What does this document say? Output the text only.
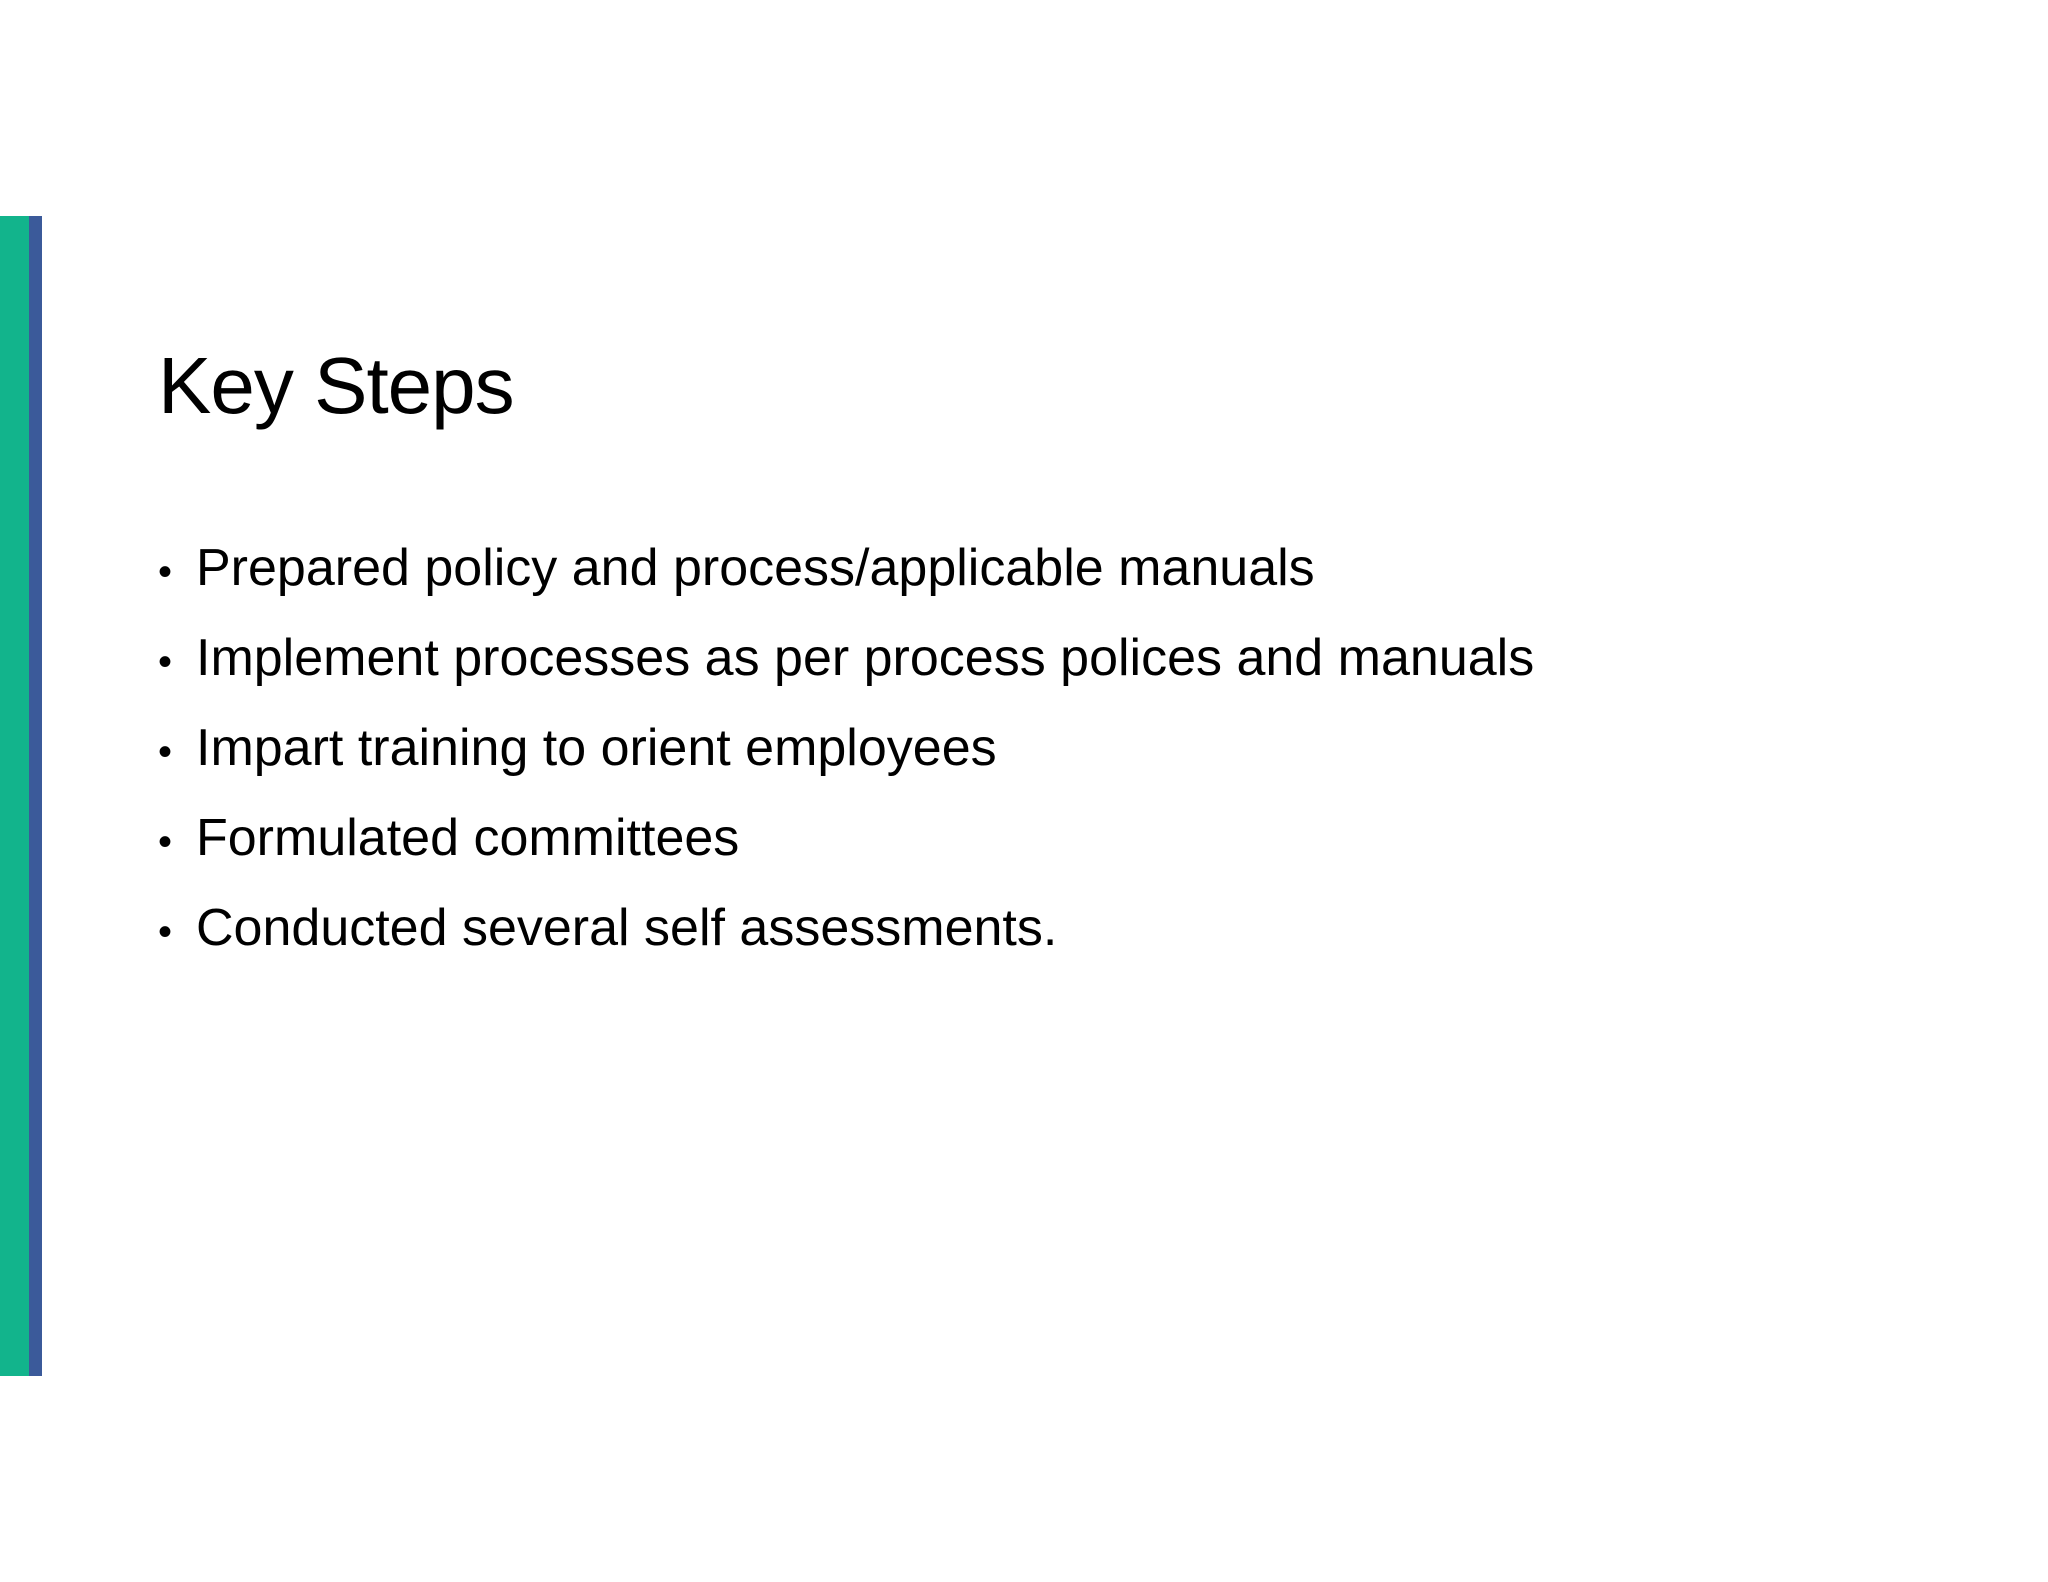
Key Steps
• Prepared policy and process/applicable manuals
• Implement processes as per process polices and manuals
• Impart training to orient employees
• Formulated committees
• Conducted several self assessments.
